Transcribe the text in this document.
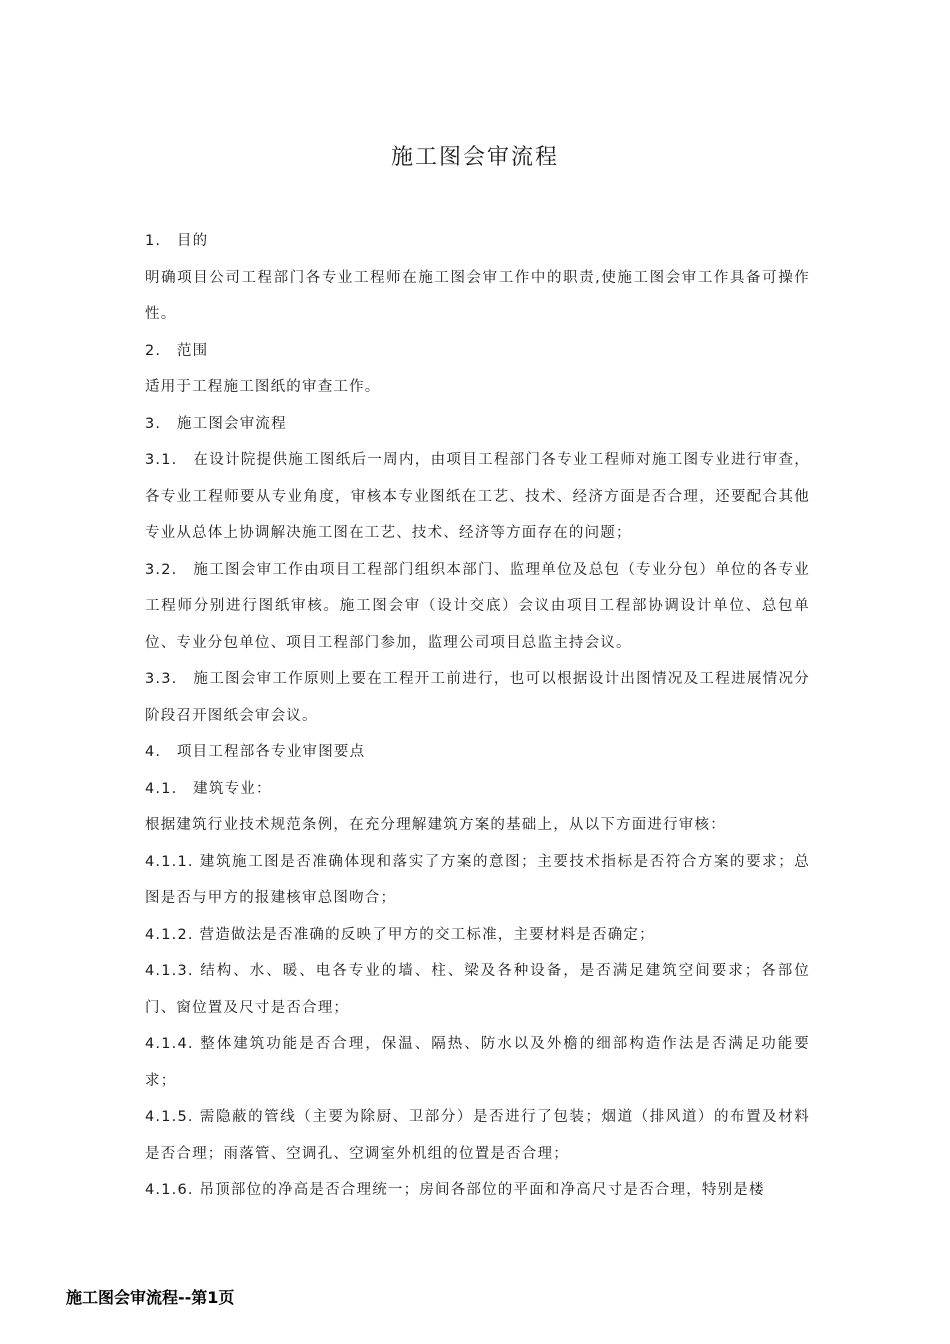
施工图会审流程

1.　目的

明确项目公司工程部门各专业工程师在施工图会审工作中的职责,使施工图会审工作具备可操作性。

2.　范围

适用于工程施工图纸的审查工作。

3.　施工图会审流程

3.1.　在设计院提供施工图纸后一周内，由项目工程部门各专业工程师对施工图专业进行审查，各专业工程师要从专业角度，审核本专业图纸在工艺、技术、经济方面是否合理，还要配合其他专业从总体上协调解决施工图在工艺、技术、经济等方面存在的问题；

3.2.　施工图会审工作由项目工程部门组织本部门、监理单位及总包（专业分包）单位的各专业工程师分别进行图纸审核。施工图会审（设计交底）会议由项目工程部协调设计单位、总包单位、专业分包单位、项目工程部门参加，监理公司项目总监主持会议。

3.3.　施工图会审工作原则上要在工程开工前进行，也可以根据设计出图情况及工程进展情况分阶段召开图纸会审会议。

4.　项目工程部各专业审图要点

4.1.　建筑专业：

根据建筑行业技术规范条例，在充分理解建筑方案的基础上，从以下方面进行审核：

4.1.1. 建筑施工图是否准确体现和落实了方案的意图；主要技术指标是否符合方案的要求；总图是否与甲方的报建核审总图吻合；

4.1.2. 营造做法是否准确的反映了甲方的交工标准，主要材料是否确定；

4.1.3. 结构、水、暖、电各专业的墙、柱、梁及各种设备，是否满足建筑空间要求；各部位门、窗位置及尺寸是否合理；

4.1.4. 整体建筑功能是否合理，保温、隔热、防水以及外檐的细部构造作法是否满足功能要求；

4.1.5. 需隐蔽的管线（主要为除厨、卫部分）是否进行了包装；烟道（排风道）的布置及材料是否合理；雨落管、空调孔、空调室外机组的位置是否合理；

4.1.6. 吊顶部位的净高是否合理统一；房间各部位的平面和净高尺寸是否合理，特别是楼

施工图会审流程--第1页
